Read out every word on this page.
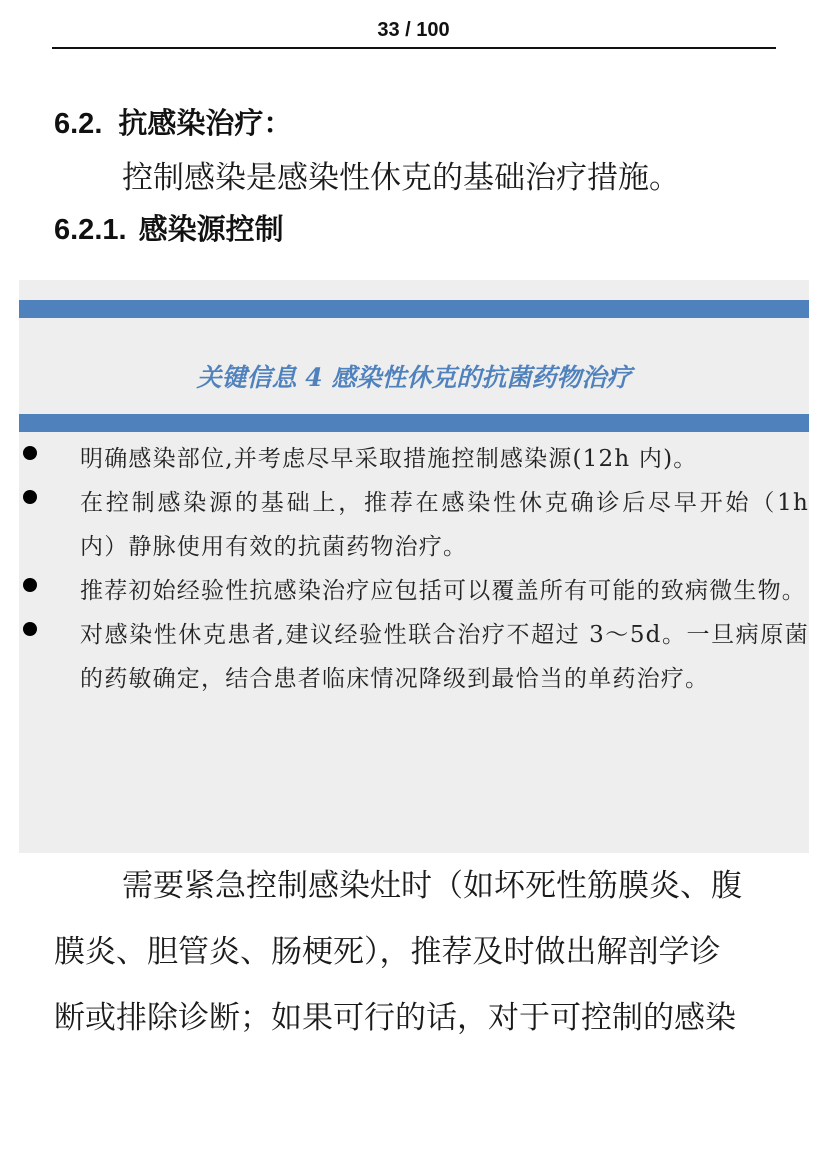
33 / 100
6.2. 抗感染治疗：
控制感染是感染性休克的基础治疗措施。
6.2.1. 感染源控制
关键信息 4 感染性休克的抗菌药物治疗
明确感染部位,并考虑尽早采取措施控制感染源(12h 内)。
在控制感染源的基础上，推荐在感染性休克确诊后尽早开始（1h 内）静脉使用有效的抗菌药物治疗。
推荐初始经验性抗感染治疗应包括可以覆盖所有可能的致病微生物。
对感染性休克患者,建议经验性联合治疗不超过 3～5d。一旦病原菌的药敏确定，结合患者临床情况降级到最恰当的单药治疗。
需要紧急控制感染灶时（如坏死性筋膜炎、腹
膜炎、胆管炎、肠梗死），推荐及时做出解剖学诊
断或排除诊断；如果可行的话，对于可控制的感染
